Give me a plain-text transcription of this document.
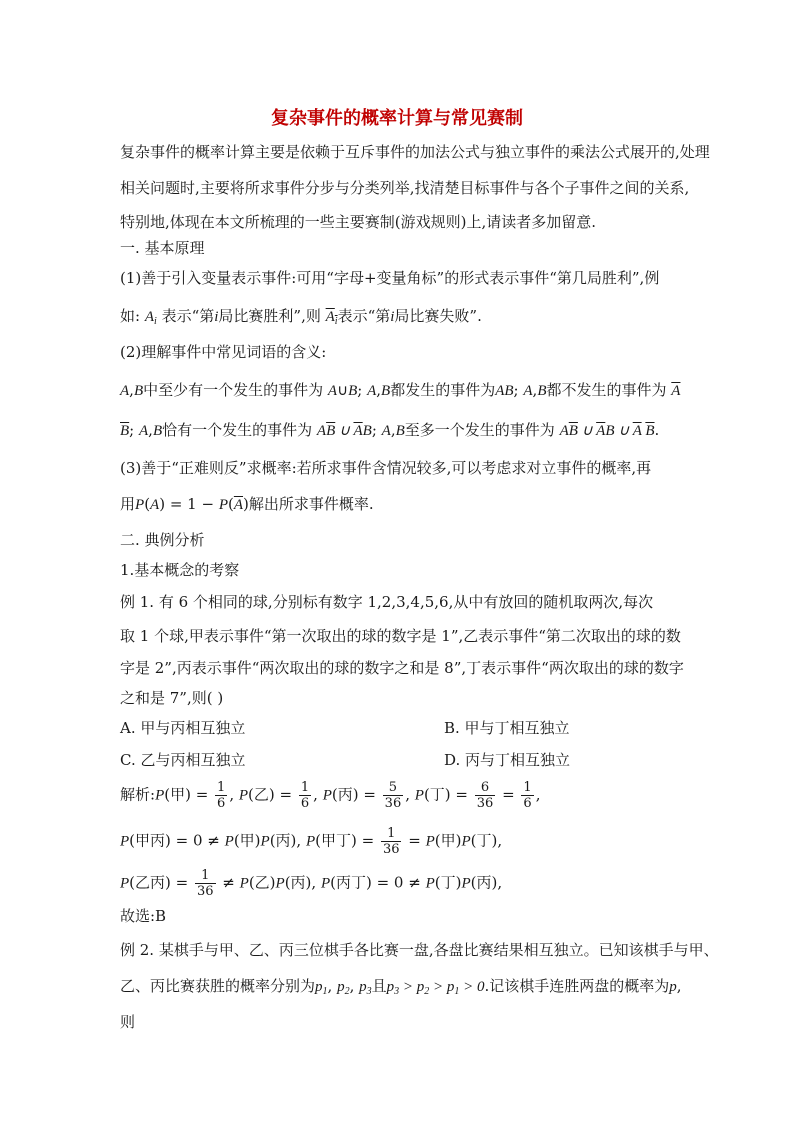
复杂事件的概率计算与常见赛制
复杂事件的概率计算主要是依赖于互斥事件的加法公式与独立事件的乘法公式展开的,处理
相关问题时,主要将所求事件分步与分类列举,找清楚目标事件与各个子事件之间的关系,
特别地,体现在本文所梳理的一些主要赛制(游戏规则)上,请读者多加留意.
一. 基本原理
(1)善于引入变量表示事件:可用“字母+变量角标”的形式表示事件“第几局胜利”,例
如: $A_i$ 表示“第i局比赛胜利”,则 $A_i$表示“第i局比赛失败”.
(2)理解事件中常见词语的含义:
A,B中至少有一个发生的事件为 A∪B; A,B都发生的事件为AB; A,B都不发生的事件为 $\overline{A}$
$\overline{B}$; A,B恰有一个发生的事件为 $A\overline{B}$ ∪ $\overline{A}B$; A,B至多一个发生的事件为 $A\overline{B}$ ∪ $\overline{A}B$ ∪ $\overline{A}$ $\overline{B}$.
(3)善于“正难则反”求概率:若所求事件含情况较多,可以考虑求对立事件的概率,再
用$P(A) = 1 - P(\overline{A})$解出所求事件概率.
二. 典例分析
1.基本概念的考察
例 1. 有 6 个相同的球,分别标有数字 1,2,3,4,5,6,从中有放回的随机取两次,每次
取 1 个球,甲表示事件“第一次取出的球的数字是 1”,乙表示事件“第二次取出的球的数
字是 2”,丙表示事件“两次取出的球的数字之和是 8”,丁表示事件“两次取出的球的数字
之和是 7”,则( )
A. 甲与丙相互独立	B. 甲与丁相互独立
C. 乙与丙相互独立	D. 丙与丁相互独立
解析:P(甲) = $\frac{1}{6}$ , P(乙) = $\frac{1}{6}$ , P(丙) = $\frac{5}{36}$ , P(丁) = $\frac{6}{36} = \frac{1}{6}$ ,
P(甲丙) = 0 ≠ P(甲)P(丙), P(甲丁) = $\frac{1}{36} = P$(甲)P(丁),
P(乙丙) = $\frac{1}{36} \ne P$(乙)P(丙), P(丙丁) = 0 ≠ P(丁)P(丙),
故选:B
例 2. 某棋手与甲、乙、丙三位棋手各比赛一盘,各盘比赛结果相互独立。已知该棋手与甲、
乙、丙比赛获胜的概率分别为$p_1$, $p_2$, $p_3$且$p_3 > p_2 > p_1 > 0$.记该棋手连胜两盘的概率为p,
则
